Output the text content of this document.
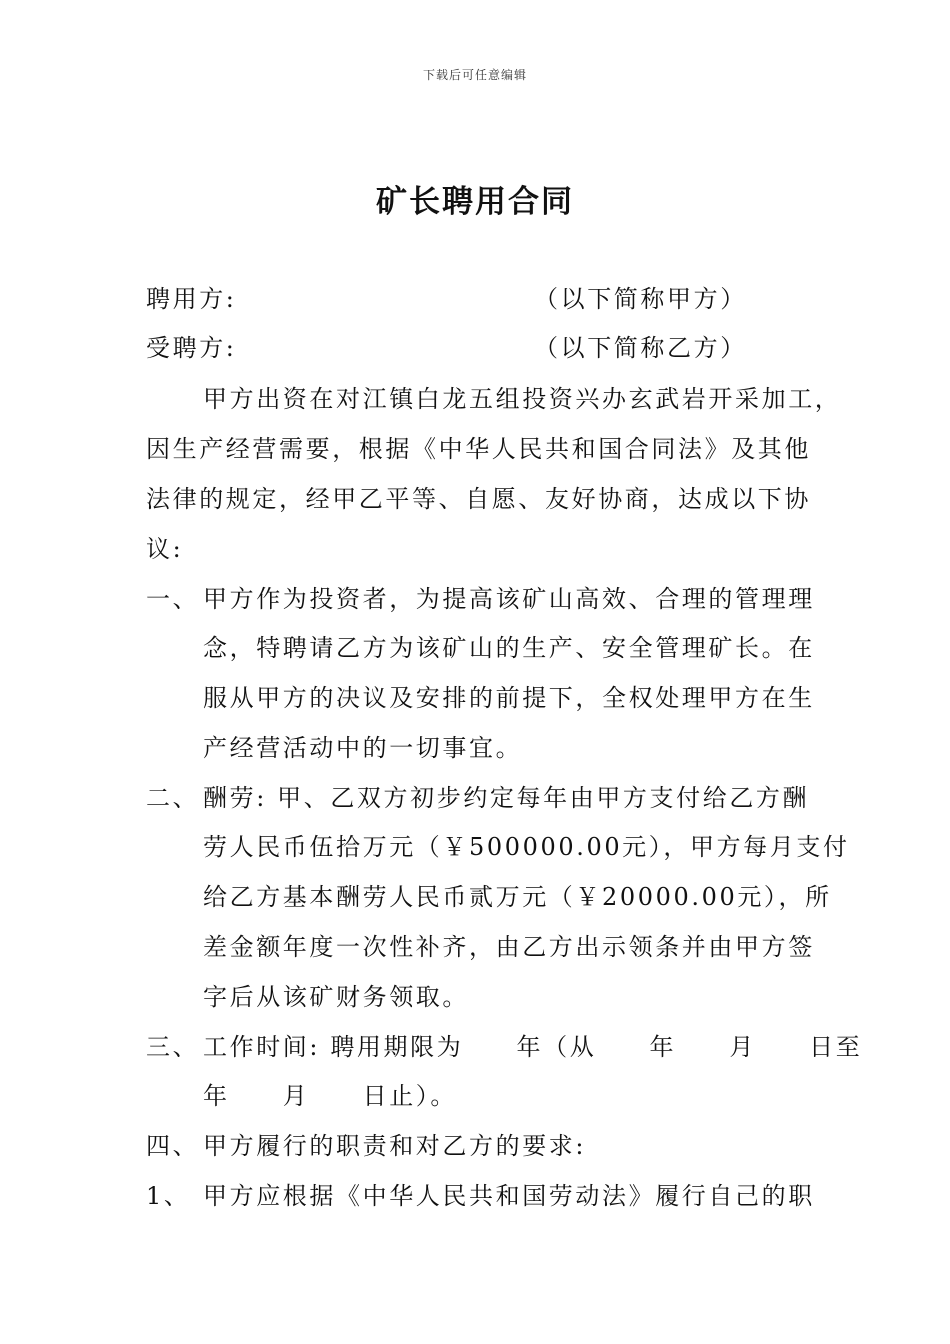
下载后可任意编辑
矿长聘用合同
聘用方:	（以下简称甲方）
受聘方:	（以下简称乙方）
甲方出资在对江镇白龙五组投资兴办玄武岩开采加工，
因生产经营需要，根据《中华人民共和国合同法》及其他
法律的规定，经甲乙平等、自愿、友好协商，达成以下协
议:
一、 甲方作为投资者，为提高该矿山高效、合理的管理理
念，特聘请乙方为该矿山的生产、安全管理矿长。在
服从甲方的决议及安排的前提下，全权处理甲方在生
产经营活动中的一切事宜。
二、 酬劳: 甲、乙双方初步约定每年由甲方支付给乙方酬
劳人民币伍拾万元（￥500000.00元），甲方每月支付
给乙方基本酬劳人民币贰万元（￥20000.00元），所
差金额年度一次性补齐，由乙方出示领条并由甲方签
字后从该矿财务领取。
三、 工作时间: 聘用期限为　　年（从　　年　　月　　日至
年　　月　　日止）。
四、 甲方履行的职责和对乙方的要求:
1、 甲方应根据《中华人民共和国劳动法》履行自己的职
